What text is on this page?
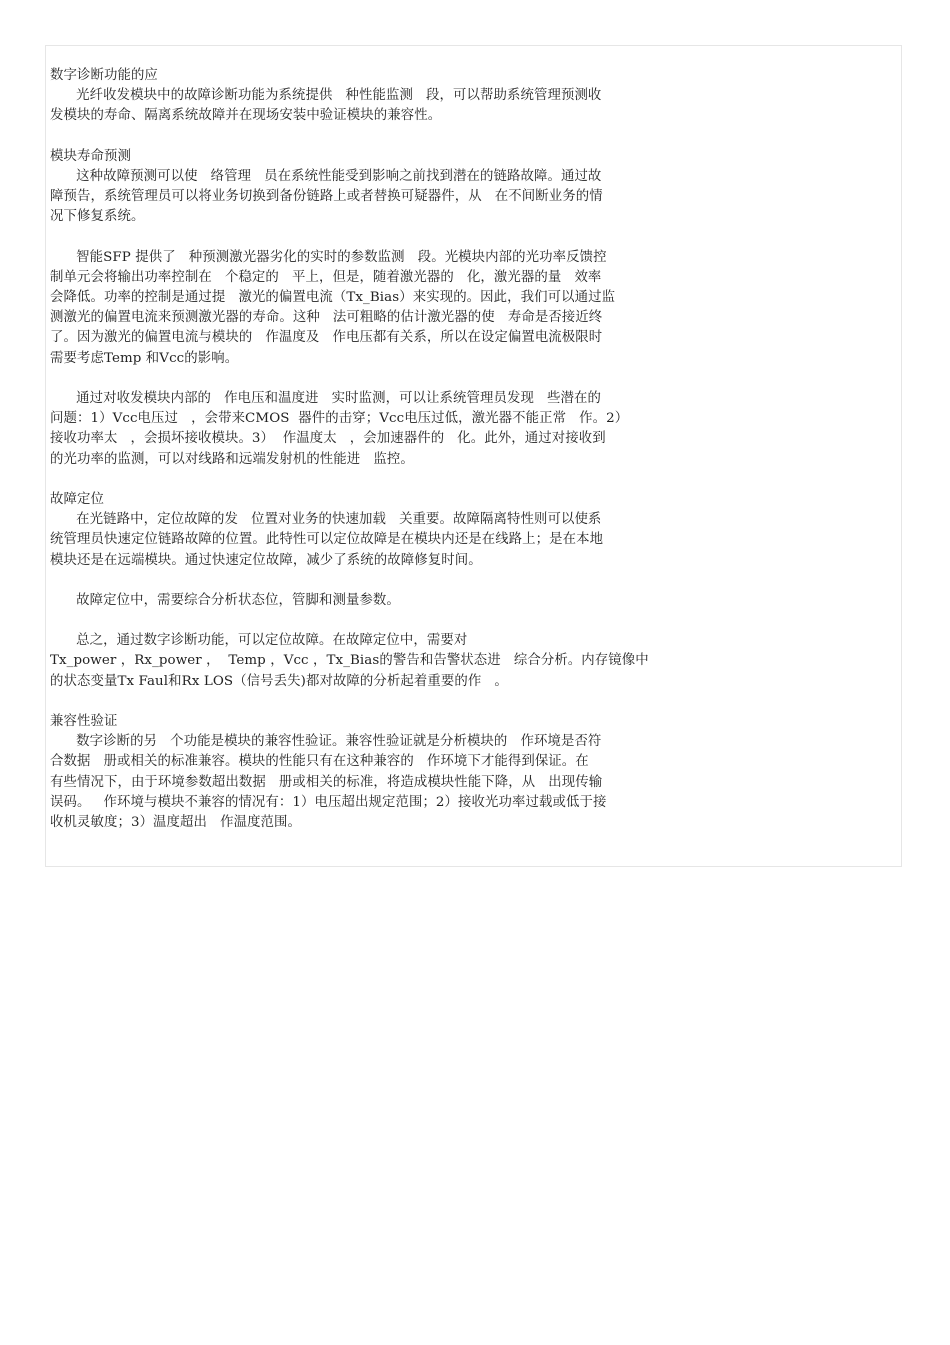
数字诊断功能的应
光纤收发模块中的故障诊断功能为系统提供   种性能监测   段，可以帮助系统管理预测收
发模块的寿命、隔离系统故障并在现场安装中验证模块的兼容性。
模块寿命预测
这种故障预测可以使   络管理   员在系统性能受到影响之前找到潜在的链路故障。通过故
障预告，系统管理员可以将业务切换到备份链路上或者替换可疑器件，从   在不间断业务的情
况下修复系统。
智能SFP 提供了   种预测激光器劣化的实时的参数监测   段。光模块内部的光功率反馈控
制单元会将输出功率控制在   个稳定的   平上，但是，随着激光器的   化，激光器的量   效率
会降低。功率的控制是通过提   激光的偏置电流（Tx_Bias）来实现的。因此，我们可以通过监
测激光的偏置电流来预测激光器的寿命。这种   法可粗略的估计激光器的使   寿命是否接近终
了。因为激光的偏置电流与模块的   作温度及   作电压都有关系，所以在设定偏置电流极限时
需要考虑Temp 和Vcc的影响。
通过对收发模块内部的   作电压和温度进   实时监测，可以让系统管理员发现   些潜在的
问题：1）Vcc电压过   ，会带来CMOS  器件的击穿；Vcc电压过低，激光器不能正常   作。2）
接收功率太   ，会损坏接收模块。3）  作温度太   ，会加速器件的   化。此外，通过对接收到
的光功率的监测，可以对线路和远端发射机的性能进   监控。
故障定位
在光链路中，定位故障的发   位置对业务的快速加载   关重要。故障隔离特性则可以使系
统管理员快速定位链路故障的位置。此特性可以定位故障是在模块内还是在线路上；是在本地
模块还是在远端模块。通过快速定位故障，减少了系统的故障修复时间。
故障定位中，需要综合分析状态位，管脚和测量参数。
总之，通过数字诊断功能，可以定位故障。在故障定位中，需要对
Tx_power ，Rx_power ，  Temp ，Vcc ，Tx_Bias的警告和告警状态进   综合分析。内存镜像中
的状态变量Tx Faul和Rx LOS（信号丢失)都对故障的分析起着重要的作   。
兼容性验证
数字诊断的另   个功能是模块的兼容性验证。兼容性验证就是分析模块的   作环境是否符
合数据   册或相关的标准兼容。模块的性能只有在这种兼容的   作环境下才能得到保证。在
有些情况下，由于环境参数超出数据   册或相关的标准，将造成模块性能下降，从   出现传输
误码。   作环境与模块不兼容的情况有：1）电压超出规定范围；2）接收光功率过载或低于接
收机灵敏度；3）温度超出   作温度范围。
